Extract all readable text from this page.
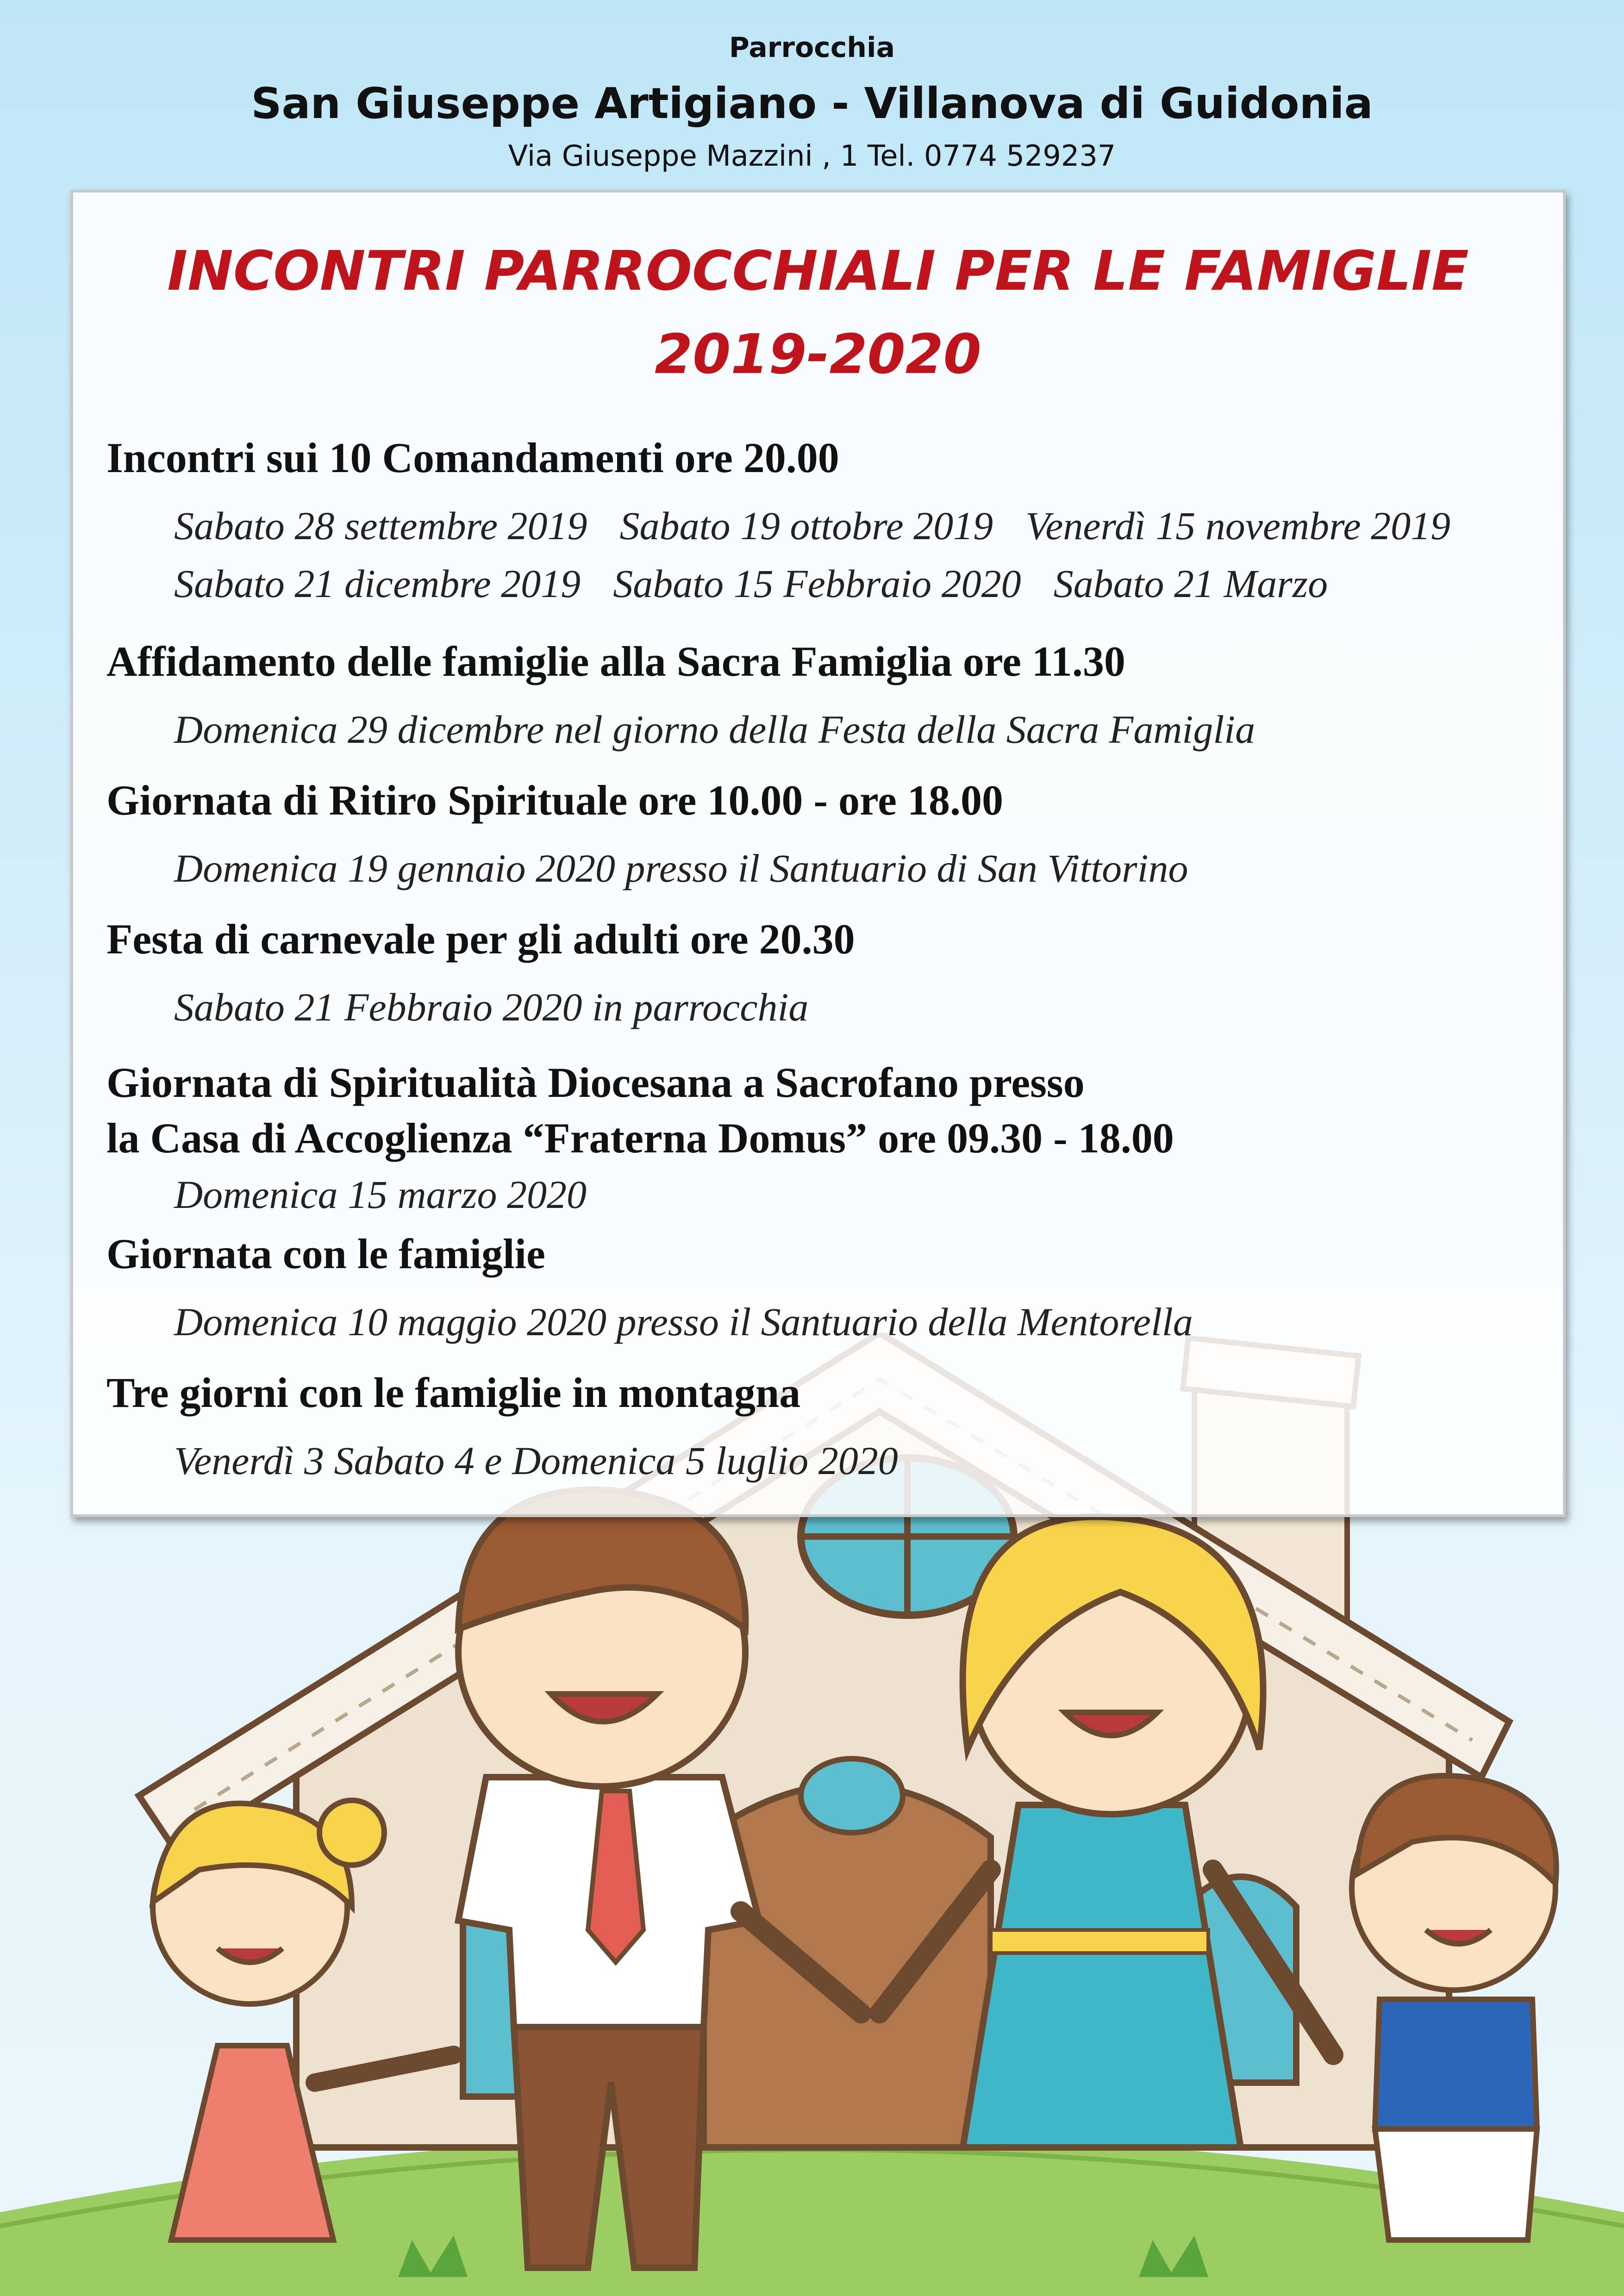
Parrocchia
San Giuseppe Artigiano - Villanova di Guidonia
Via Giuseppe Mazzini , 1 Tel. 0774 529237
INCONTRI PARROCCHIALI PER LE FAMIGLIE
2019-2020
Incontri sui 10 Comandamenti ore 20.00
Sabato 28 settembre 2019 Sabato 19 ottobre 2019 Venerdì 15 novembre 2019
Sabato 21 dicembre 2019 Sabato 15 Febbraio 2020 Sabato 21 Marzo
Affidamento delle famiglie alla Sacra Famiglia ore 11.30
Domenica 29 dicembre nel giorno della Festa della Sacra Famiglia
Giornata di Ritiro Spirituale ore 10.00 - ore 18.00
Domenica 19 gennaio 2020 presso il Santuario di San Vittorino
Festa di carnevale per gli adulti ore 20.30
Sabato 21 Febbraio 2020 in parrocchia
Giornata di Spiritualità Diocesana a Sacrofano presso
la Casa di Accoglienza “Fraterna Domus” ore 09.30 - 18.00
Domenica 15 marzo 2020
Giornata con le famiglie
Domenica 10 maggio 2020 presso il Santuario della Mentorella
Tre giorni con le famiglie in montagna
Venerdì 3 Sabato 4 e Domenica 5 luglio 2020
